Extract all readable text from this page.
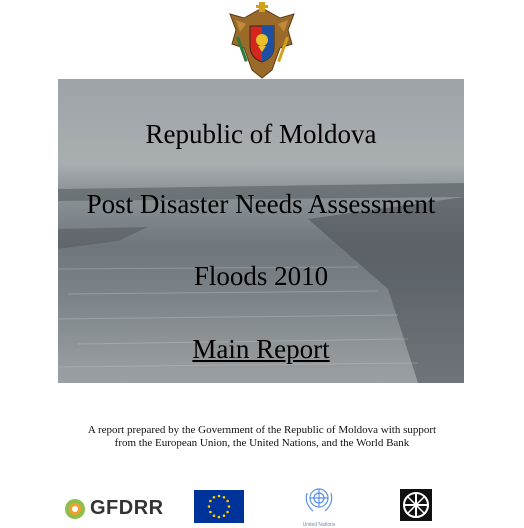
Republic of Moldova
Post Disaster Needs Assessment
Floods 2010
Main Report
A report prepared by the Government of the Republic of Moldova with support
from the European Union, the United Nations, and the World Bank
GFDRR
United Nations
